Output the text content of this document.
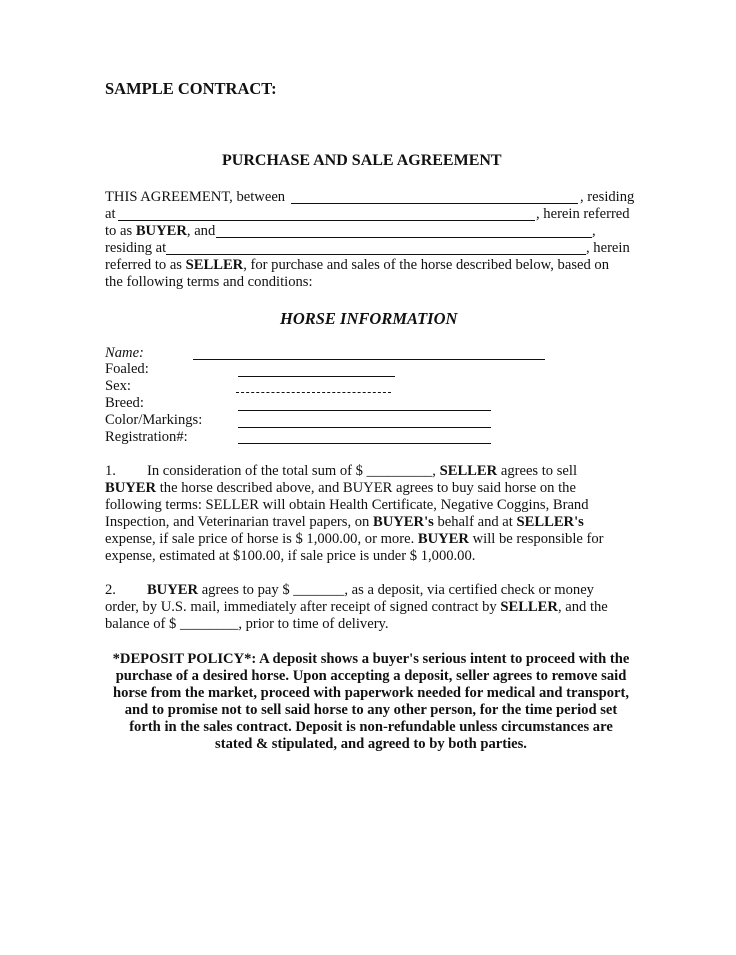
SAMPLE CONTRACT:
PURCHASE AND SALE AGREEMENT
THIS AGREEMENT, between	, residing
at	, herein referred
to as BUYER, and	,
residing at	, herein
referred to as SELLER, for purchase and sales of the horse described below, based on
the following terms and conditions:
HORSE INFORMATION
Name:
Foaled:
Sex:
Breed:
Color/Markings:
Registration#:

1. In consideration of the total sum of $ _________, SELLER agrees to sell

BUYER the horse described above, and BUYER agrees to buy said horse on the

following terms: SELLER will obtain Health Certificate, Negative Coggins, Brand

Inspection, and Veterinarian travel papers, on BUYER's behalf and at SELLER's

expense, if sale price of horse is $ 1,000.00, or more. BUYER will be responsible for

expense, estimated at $100.00, if sale price is under $ 1,000.00.

2. BUYER agrees to pay $ _______, as a deposit, via certified check or money

order, by U.S. mail, immediately after receipt of signed contract by SELLER, and the

balance of $ ________, prior to time of delivery.

*DEPOSIT POLICY*: A deposit shows a buyer's serious intent to proceed with the

purchase of a desired horse. Upon accepting a deposit, seller agrees to remove said

horse from the market, proceed with paperwork needed for medical and transport,

and to promise not to sell said horse to any other person, for the time period set

forth in the sales contract. Deposit is non-refundable unless circumstances are

stated & stipulated, and agreed to by both parties.
